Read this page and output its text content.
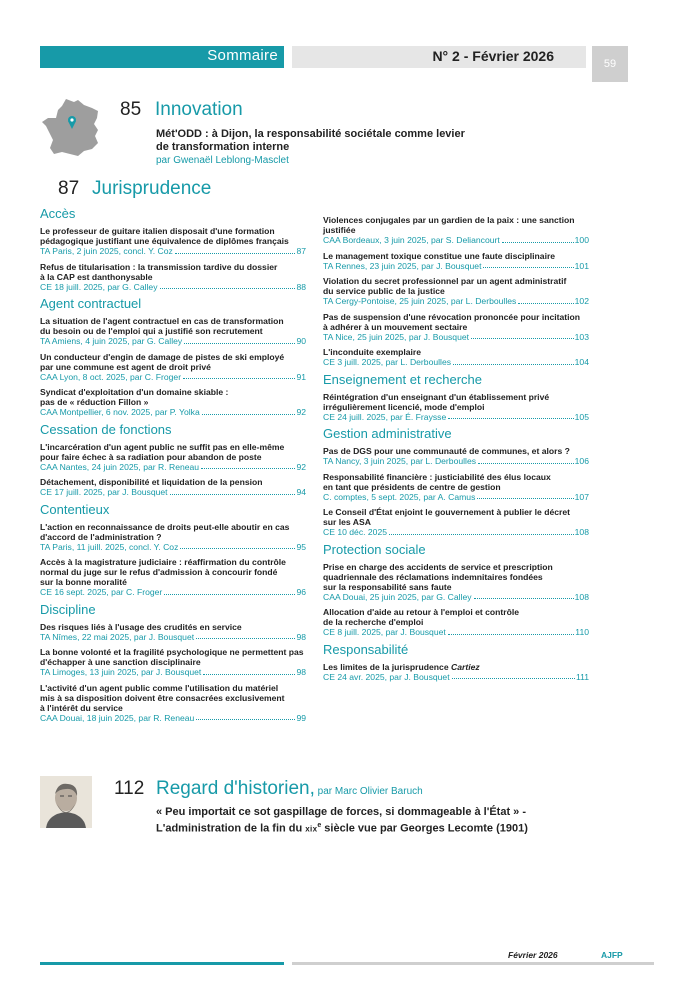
Sommaire	N° 2 - Février 2026	59
85 Innovation
Mét'ODD : à Dijon, la responsabilité sociétale comme levier
de transformation interne
par Gwenaël Leblong-Masclet
87 Jurisprudence
Accès
Le professeur de guitare italien disposait d'une formation
pédagogique justifiant une équivalence de diplômes français
TA Paris, 2 juin 2025, concl. Y. Coz	87
Refus de titularisation : la transmission tardive du dossier
à la CAP est danthonysable
CE 18 juill. 2025, par G. Calley	88
Agent contractuel
La situation de l'agent contractuel en cas de transformation
du besoin ou de l'emploi qui a justifié son recrutement
TA Amiens, 4 juin 2025, par G. Calley	90
Un conducteur d'engin de damage de pistes de ski employé
par une commune est agent de droit privé
CAA Lyon, 8 oct. 2025, par C. Froger	91
Syndicat d'exploitation d'un domaine skiable :
pas de « réduction Fillon »
CAA Montpellier, 6 nov. 2025, par P. Yolka	92
Cessation de fonctions
L'incarcération d'un agent public ne suffit pas en elle-même
pour faire échec à sa radiation pour abandon de poste
CAA Nantes, 24 juin 2025, par R. Reneau	92
Détachement, disponibilité et liquidation de la pension
CE 17 juill. 2025, par J. Bousquet	94
Contentieux
L'action en reconnaissance de droits peut-elle aboutir en cas
d'accord de l'administration ?
TA Paris, 11 juill. 2025, concl. Y. Coz	95
Accès à la magistrature judiciaire : réaffirmation du contrôle
normal du juge sur le refus d'admission à concourir fondé
sur la bonne moralité
CE 16 sept. 2025, par C. Froger	96
Discipline
Des risques liés à l'usage des crudités en service
TA Nîmes, 22 mai 2025, par J. Bousquet	98
La bonne volonté et la fragilité psychologique ne permettent pas
d'échapper à une sanction disciplinaire
TA Limoges, 13 juin 2025, par J. Bousquet	98
L'activité d'un agent public comme l'utilisation du matériel
mis à sa disposition doivent être consacrées exclusivement
à l'intérêt du service
CAA Douai, 18 juin 2025, par R. Reneau	99
Violences conjugales par un gardien de la paix : une sanction
justifiée
CAA Bordeaux, 3 juin 2025, par S. Deliancourt	100
Le management toxique constitue une faute disciplinaire
TA Rennes, 23 juin 2025, par J. Bousquet	101
Violation du secret professionnel par un agent administratif
du service public de la justice
TA Cergy-Pontoise, 25 juin 2025, par L. Derboulles	102
Pas de suspension d'une révocation prononcée pour incitation
à adhérer à un mouvement sectaire
TA Nice, 25 juin 2025, par J. Bousquet	103
L'inconduite exemplaire
CE 3 juill. 2025, par L. Derboulles	104
Enseignement et recherche
Réintégration d'un enseignant d'un établissement privé
irrégulièrement licencié, mode d'emploi
CE 24 juill. 2025, par É. Fraysse	105
Gestion administrative
Pas de DGS pour une communauté de communes, et alors ?
TA Nancy, 3 juin 2025, par L. Derboulles	106
Responsabilité financière : justiciabilité des élus locaux
en tant que présidents de centre de gestion
C. comptes, 5 sept. 2025, par A. Camus	107
Le Conseil d'État enjoint le gouvernement à publier le décret
sur les ASA
CE 10 déc. 2025	108
Protection sociale
Prise en charge des accidents de service et prescription
quadriennale des réclamations indemnitaires fondées
sur la responsabilité sans faute
CAA Douai, 25 juin 2025, par G. Calley	108
Allocation d'aide au retour à l'emploi et contrôle
de la recherche d'emploi
CE 8 juill. 2025, par J. Bousquet	110
Responsabilité
Les limites de la jurisprudence Cartiez
CE 24 avr. 2025, par J. Bousquet	111
112 Regard d'historien, par Marc Olivier Baruch
« Peu importait ce sot gaspillage de forces, si dommageable à l'État » -
L'administration de la fin du xix$^e$ siècle vue par Georges Lecomte (1901)
Février 2026	AJFP
